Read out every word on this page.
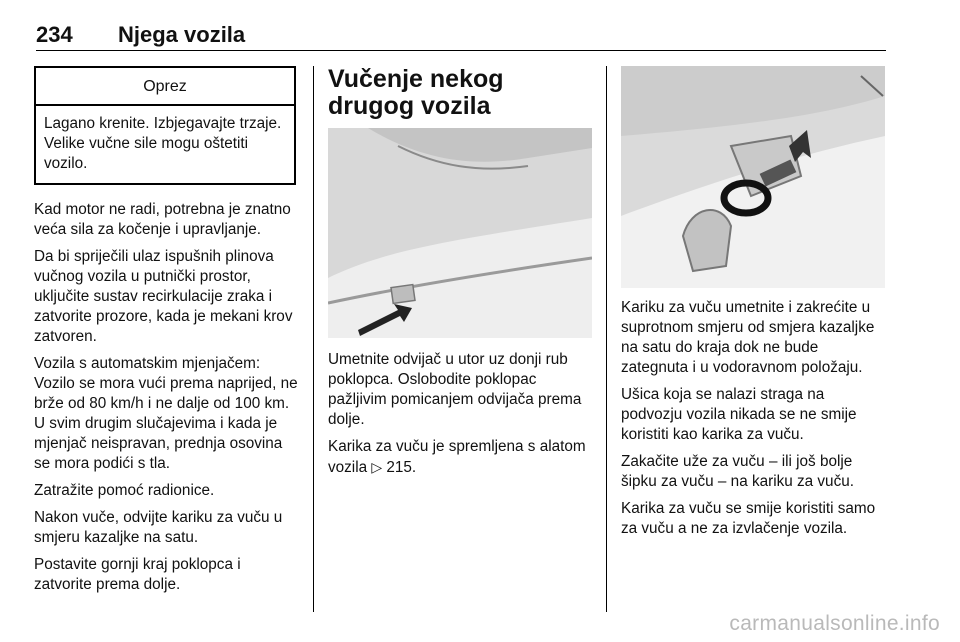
234 Njega vozila
Oprez
Lagano krenite. Izbjegavajte trzaje. Velike vučne sile mogu oštetiti vozilo.

Kad motor ne radi, potrebna je znatno veća sila za kočenje i upravljanje.

Da bi spriječili ulaz ispušnih plinova vučnog vozila u putnički prostor, uključite sustav recirkulacije zraka i zatvorite prozore, kada je mekani krov zatvoren.

Vozila s automatskim mjenjačem: Vozilo se mora vući prema naprijed, ne brže od 80 km/h i ne dalje od 100 km. U svim drugim slučajevima i kada je mjenjač neispravan, prednja osovina se mora podići s tla.

Zatražite pomoć radionice.

Nakon vuče, odvijte kariku za vuču u smjeru kazaljke na satu.

Postavite gornji kraj poklopca i zatvorite prema dolje.

Vučenje nekog drugog vozila

Umetnite odvijač u utor uz donji rub poklopca. Oslobodite poklopac pažljivim pomicanjem odvijača prema dolje.

Karika za vuču je spremljena s alatom vozila ▷ 215.

Kariku za vuču umetnite i zakrećite u suprotnom smjeru od smjera kazaljke na satu do kraja dok ne bude zategnuta i u vodoravnom položaju.

Ušica koja se nalazi straga na podvozju vozila nikada se ne smije koristiti kao karika za vuču.

Zakačite uže za vuču – ili još bolje šipku za vuču – na kariku za vuču.

Karika za vuču se smije koristiti samo za vuču a ne za izvlačenje vozila.

carmanualsonline.info
